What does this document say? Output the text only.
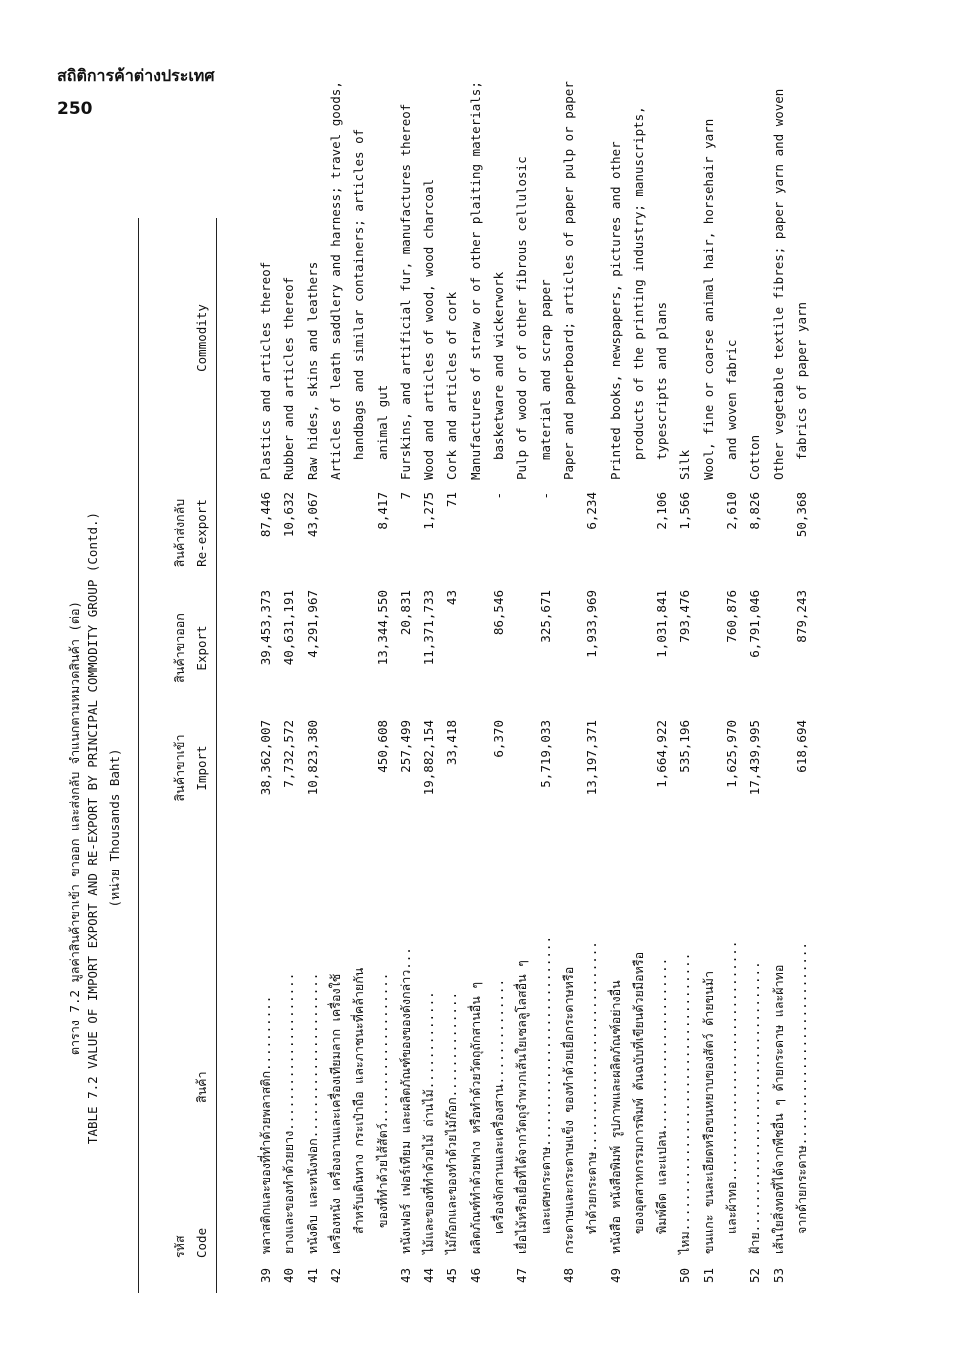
สถิติการค้าต่างประเทศ
250
ตาราง 7.2 มูลค่าสินค้าขาเข้า ขาออก และส่งกลับ จำแนกตามหมวดสินค้า (ต่อ) TABLE 7.2 VALUE OF IMPORT EXPORT AND RE-EXPORT BY PRINCIPAL COMMODITY GROUP (Contd.) (หน่วย Thousands Baht)
รหัส Code
สินค้า
สินค้าขาเข้า Import
สินค้าขาออก Export
สินค้าส่งกลับ Re-export
Commodity
39
พลาสติกและของที่ทำด้วยพลาสติก..........
38,362,007
39,453,373
87,446
Plastics and articles thereof
40
ยางและของทำด้วยยาง.....................
7,732,572
40,631,191
10,632
Rubber and articles thereof
41
หนังดิบ และหนังฟอก......................
10,823,380
4,291,967
43,067
Raw hides, skins and leathers
42
เครื่องหนัง เครื่องอานและเครื่องเทียมลาก เครื่องใช้
Articles of leath saddlery and harness; travel goods,
สำหรับเดินทาง กระเป๋าถือ และภาชนะที่คล้ายกัน
handbags and similar containers; articles of
ของที่ทำด้วยไส้สัตว์....................
450,608
13,344,550
8,417
animal gut
43
หนังเฟอร์ เฟอร์เทียม และผลิตภัณฑ์ของของดังกล่าว...
257,499
20,831
7
Furskins, and artificial fur, manufactures thereof
44
ไม้และของที่ทำด้วยไม้ ถ่านไม้.............
19,882,154
11,371,733
1,275
Wood and articles of wood, wood charcoal
45
ไม้ก๊อกและของทำด้วยไม้ก๊อก..............
33,418
43
71
Cork and articles of cork
46
ผลิตภัณฑ์ทำด้วยฟาง หรือทำด้วยวัตถุถักสานอื่น ๆ
Manufactures of straw or of other plaiting materials;
เครื่องจักสานและเครื่องสาน..............
6,370
86,546
-
basketware and wickerwork
47
เยื่อไม้หรือเยื่อที่ได้จากวัตถุจำพวกเส้นใยเซลลูโลสอื่น ๆ
Pulp of wood or of other fibrous cellulosic
และเศษกระดาษ............................
5,719,033
325,671
-
material and scrap paper
48
กระดาษและกระดาษแข็ง ของทำด้วยเยื่อกระดาษหรือ
Paper and paperboard; articles of paper pulp or paper
ทำด้วยกระดาษ............................
13,197,371
1,933,969
6,234
49
หนังสือ หนังสือพิมพ์ รูปภาพและผลิตภัณฑ์อย่างอื่น
Printed books, newspapers, pictures and other
ของอุตสาหกรรมการพิมพ์ ต้นฉบับที่เขียนด้วยมือหรือ
products of the printing industry; manuscripts,
พิมพ์ดีด และแปลน.......................
1,664,922
1,031,841
2,106
typescripts and plans
50
ไหม.....................................
535,196
793,476
1,566
Silk
51
ขนแกะ ขนละเอียดหรือขนหยาบของสัตว์ ด้ายขนม้า
Wool, fine or coarse animal hair, horsehair yarn
และผ้าทอ................................
1,625,970
760,876
2,610
and woven fabric
52
ฝ้าย....................................
17,439,995
6,791,046
8,826
Cotton
53
เส้นใยสิ่งทอที่ได้จากพืชอื่น ๆ ด้ายกระดาษ และผ้าทอ
Other vegetable textile fibres; paper yarn and woven
จากด้ายกระดาษ...........................
618,694
879,243
50,368
fabrics of paper yarn
